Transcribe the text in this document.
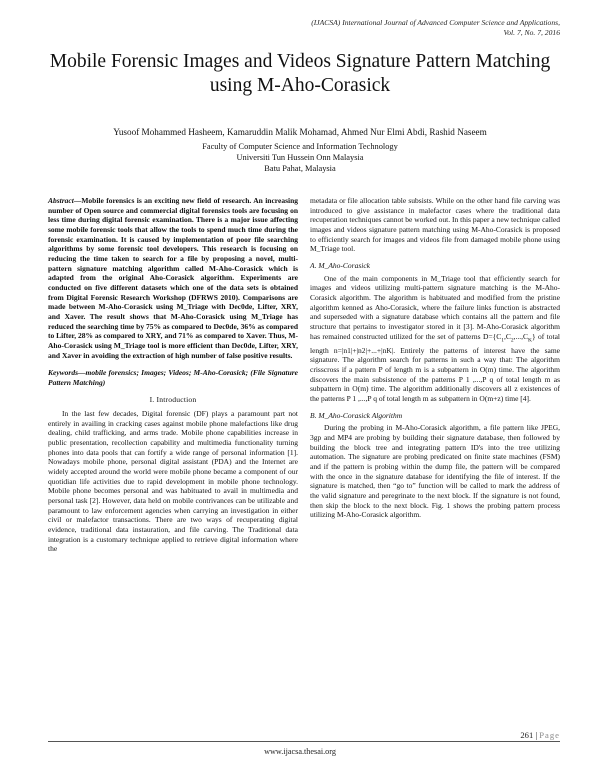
(IJACSA) International Journal of Advanced Computer Science and Applications,
Vol. 7, No. 7, 2016
Mobile Forensic Images and Videos Signature Pattern Matching using M-Aho-Corasick
Yusoof Mohammed Hasheem, Kamaruddin Malik Mohamad, Ahmed Nur Elmi Abdi, Rashid Naseem
Faculty of Computer Science and Information Technology
Universiti Tun Hussein Onn Malaysia
Batu Pahat, Malaysia

Abstract—Mobile forensics is an exciting new field of research. An increasing number of Open source and commercial digital forensics tools are focusing on less time during digital forensic examination. There is a major issue affecting some mobile forensic tools that allow the tools to spend much time during the forensic examination. It is caused by implementation of poor file searching algorithms by some forensic tool developers. This research is focusing on reducing the time taken to search for a file by proposing a novel, multi-pattern signature matching algorithm called M-Aho-Corasick which is adapted from the original Aho-Corasick algorithm. Experiments are conducted on five different datasets which one of the data sets is obtained from Digital Forensic Research Workshop (DFRWS 2010). Comparisons are made between M-Aho-Corasick using M_Triage with Dec0de, Lifter, XRY, and Xaver. The result shows that M-Aho-Corasick using M_Triage has reduced the searching time by 75% as compared to Dec0de, 36% as compared to Lifter, 28% as compared to XRY, and 71% as compared to Xaver. Thus, M-Aho-Corasick using M_Triage tool is more efficient than Dec0de, Lifter, XRY, and Xaver in avoiding the extraction of high number of false positive results.

Keywords—mobile forensics; Images; Videos; M-Aho-Corasick; (File Signature Pattern Matching)

I. Introduction

In the last few decades, Digital forensic (DF) plays a paramount part not entirely in availing in cracking cases against mobile phone malefactions like drug dealing, child trafficking, and arms trade. Mobile phone capabilities increase in public presentation, recollection capability and multimedia functionality turning phones into data pools that can fortify a wide range of personal information [1]. Nowadays mobile phone, personal digital assistant (PDA) and the Internet are widely accepted around the world were mobile phone became a component of our quotidian life activities due to rapid development in mobile phone technology. Mobile phone becomes personal and was habituated to avail in multimedia and personal task [2]. However, data held on mobile contrivances can be utilizable and paramount to law enforcement agencies when carrying an investigation in either civil or malefactor transactions. There are two ways of recuperating digital evidence, traditional data instauration, and file carving. The Traditional data integration is a customary technique applied to retrieve digital information where the

metadata or file allocation table subsists. While on the other hand file carving was introduced to give assistance in malefactor cases where the traditional data recuperation techniques cannot be worked out. In this paper a new technique called images and videos signature pattern matching using M-Aho-Corasick is proposed to efficiently search for images and videos file from damaged mobile phone using M_Triage tool.

A. M_Aho-Corasick

One of the main components in M_Triage tool that efficiently search for images and videos utilizing multi-pattern signature matching is the M-Aho-Corasick algorithm. The algorithm is habituated and modified from the pristine algorithm kenned as Aho-Corasick, where the failure links function is abstracted and superseded with a signature database which contains all the pattern and file structure that pertains to investigator stored in it [3]. M-Aho-Corasick algorithm has remained constructed utilized for the set of patterns $D=\{C_1,C_2,...,C_K\}$ of total length n=|n1|+|n2|+...+|nK|. Entirely the patterns of interest have the same signature. The algorithm search for patterns in such a way that: The algorithm crisscross if a pattern P of length m is a subpattern in O(m) time. The algorithm discovers the main subsistence of the patterns P 1 ,...,P q of total length m as subpattern in O(m) time. The algorithm additionally discovers all z existences of the patterns P 1 ,...,P q of total length m as subpattern in O(m+z) time [4].

B. M_Aho-Corasick Algorithm

During the probing in M-Aho-Corasick algorithm, a file pattern like JPEG, 3gp and MP4 are probing by building their signature database, then followed by building the block tree and integrating pattern ID's into the tree utilizing automation. The signature are probing predicated on finite state machines (FSM) and if the pattern is probing within the dump file, the pattern will be compared with the once in the signature database for identifying the file of interest. If the signature is matched, then “go to” function will be called to mark the address of the valid signature and peregrinate to the next block. If the signature is not found, then skip the block to the next block. Fig. 1 shows the probing pattern process utilizing M-Aho-Corasick algorithm.

261 | Page
www.ijacsa.thesai.org
